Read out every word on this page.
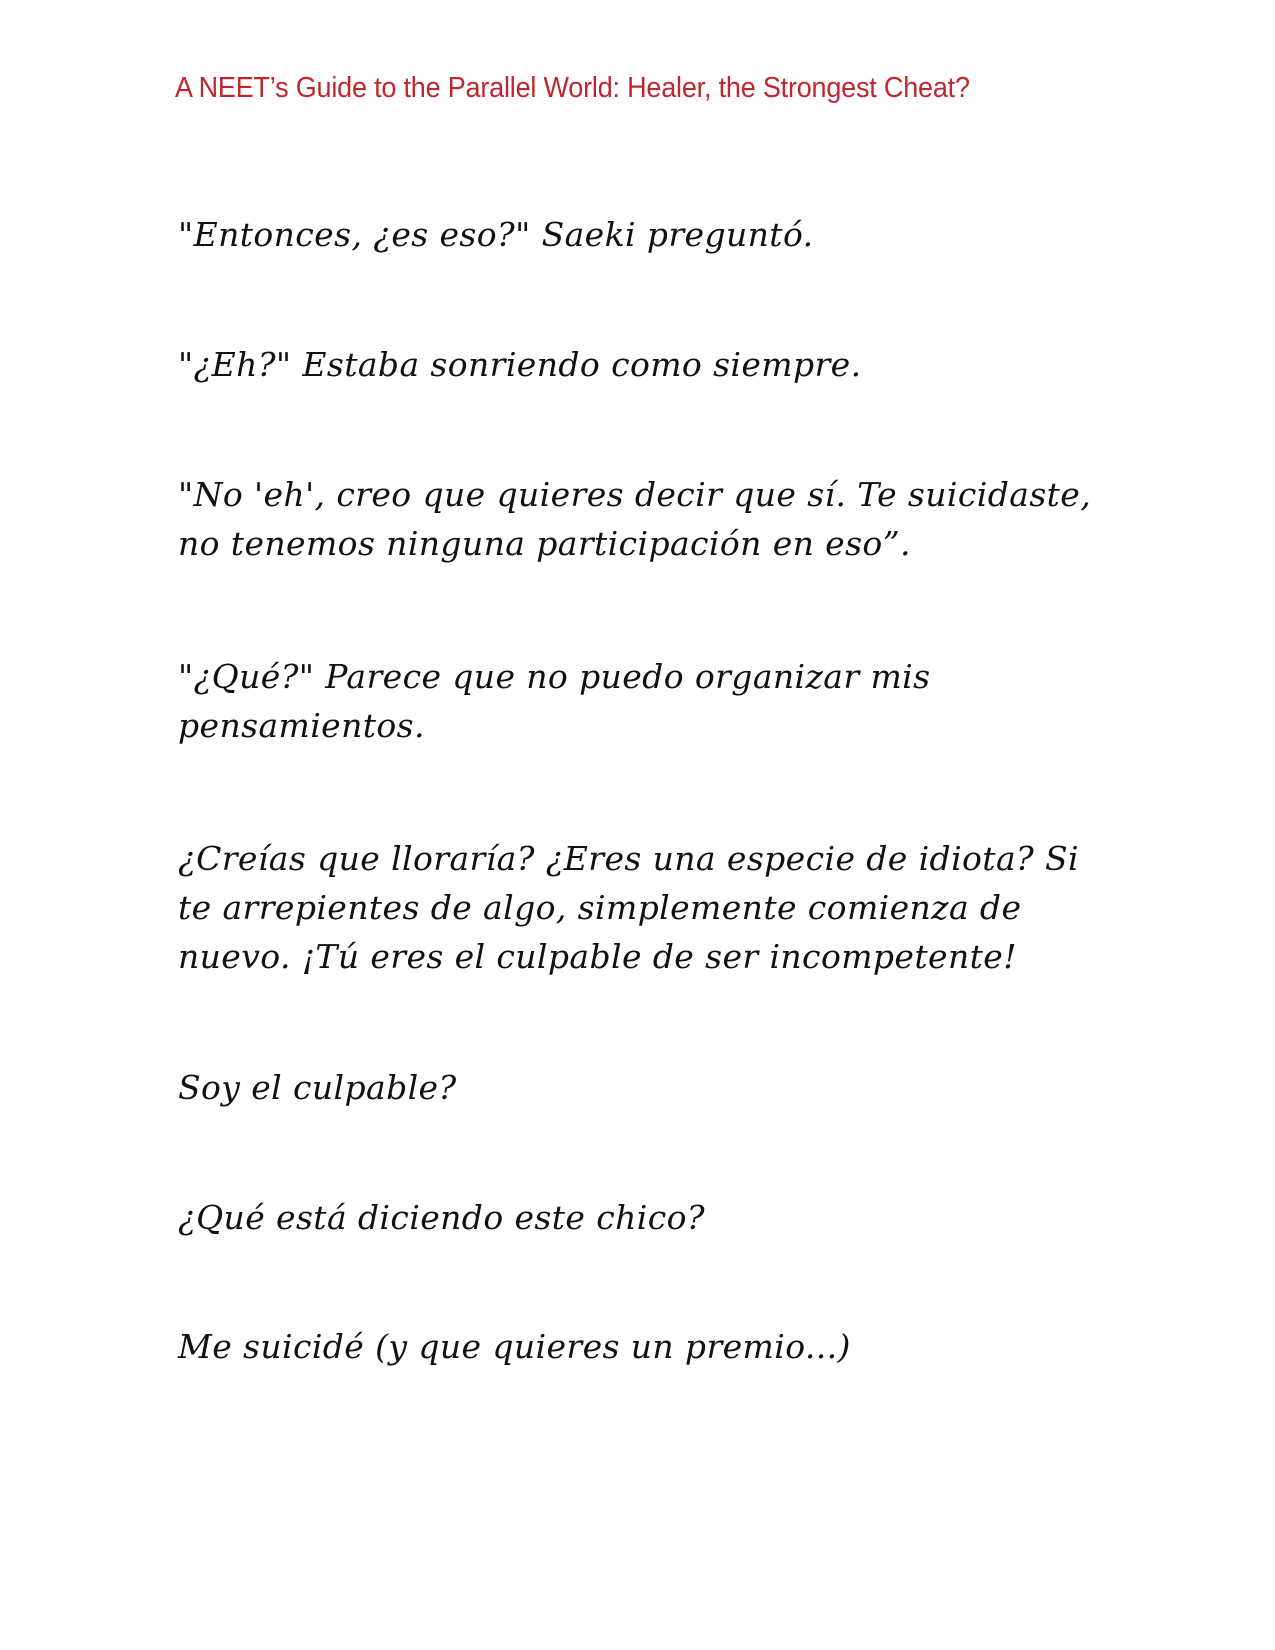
A NEET’s Guide to the Parallel World: Healer, the Strongest Cheat?

"Entonces, ¿es eso?" Saeki preguntó.

"¿Eh?" Estaba sonriendo como siempre.

"No 'eh', creo que quieres decir que sí. Te suicidaste, no tenemos ninguna participación en eso”.

"¿Qué?" Parece que no puedo organizar mis pensamientos.

¿Creías que lloraría? ¿Eres una especie de idiota? Si te arrepientes de algo, simplemente comienza de nuevo. ¡Tú eres el culpable de ser incompetente!

Soy el culpable?

¿Qué está diciendo este chico?

Me suicidé (y que quieres un premio...)
